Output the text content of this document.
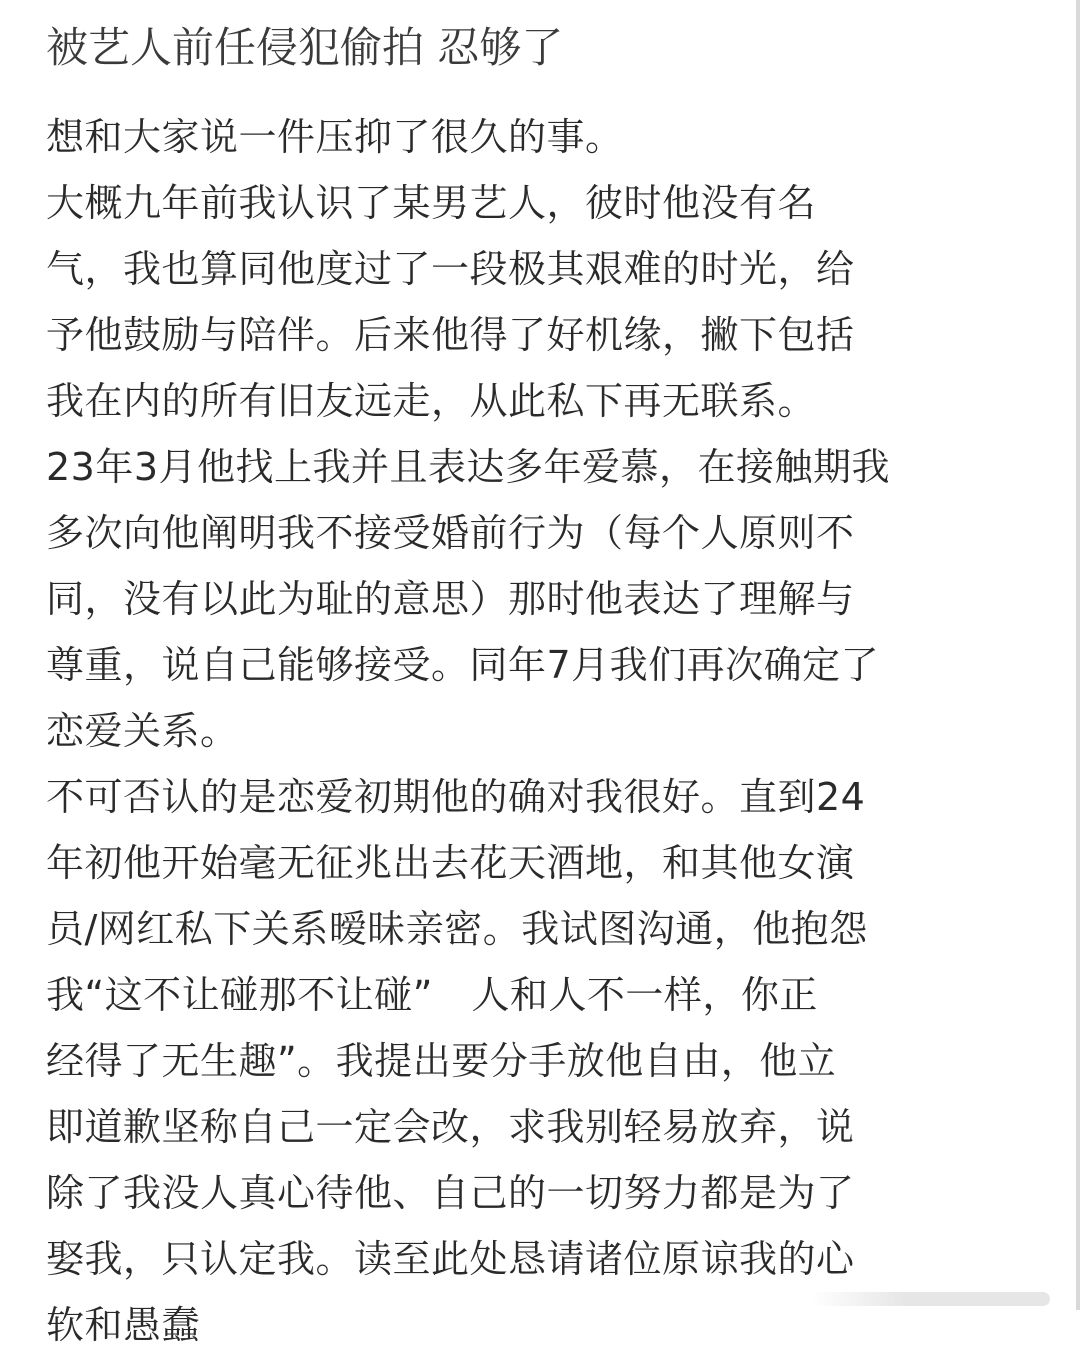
被艺人前任侵犯偷拍 忍够了
想和大家说一件压抑了很久的事。
大概九年前我认识了某男艺人，彼时他没有名
气，我也算同他度过了一段极其艰难的时光，给
予他鼓励与陪伴。后来他得了好机缘，撇下包括
我在内的所有旧友远走，从此私下再无联系。
23年3月他找上我并且表达多年爱慕，在接触期我
多次向他阐明我不接受婚前行为（每个人原则不
同，没有以此为耻的意思）那时他表达了理解与
尊重，说自己能够接受。同年7月我们再次确定了
恋爱关系。
不可否认的是恋爱初期他的确对我很好。直到24
年初他开始毫无征兆出去花天酒地，和其他女演
员/网红私下关系暧昧亲密。我试图沟通，他抱怨
我“这不让碰那不让碰”　人和人不一样，你正
经得了无生趣”。我提出要分手放他自由，他立
即道歉坚称自己一定会改，求我别轻易放弃，说
除了我没人真心待他、自己的一切努力都是为了
娶我，只认定我。读至此处恳请诸位原谅我的心
软和愚蠢
